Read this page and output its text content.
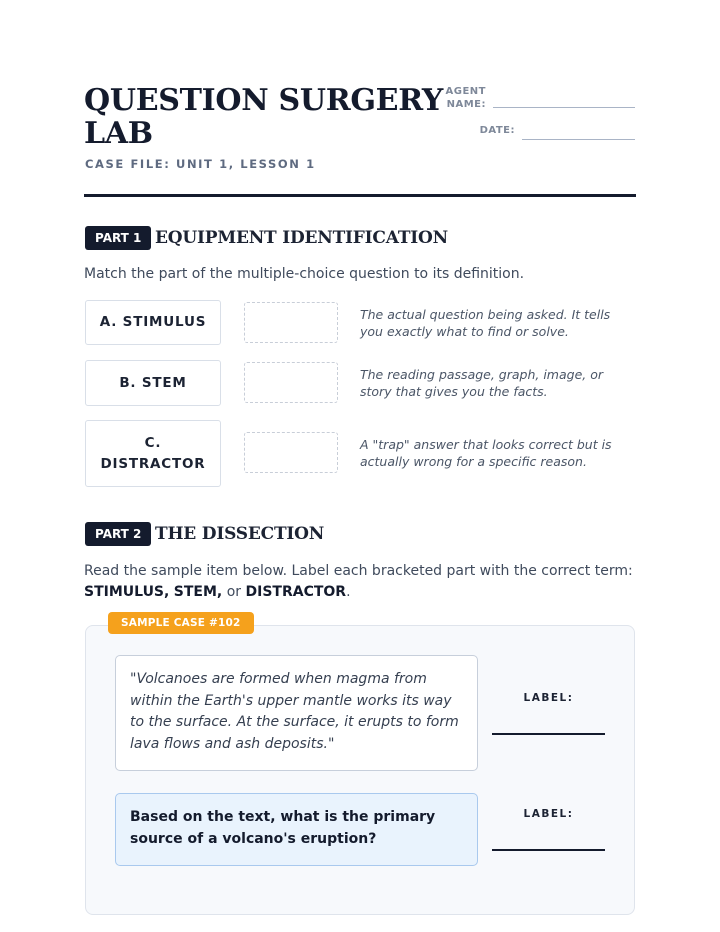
QUESTION SURGERY LAB
CASE FILE: UNIT 1, LESSON 1
AGENT
NAME:
DATE:
PART 1 EQUIPMENT IDENTIFICATION
Match the part of the multiple-choice question to its definition.
A. STIMULUS	The actual question being asked. It tells you exactly what to find or solve.
B. STEM	The reading passage, graph, image, or story that gives you the facts.
C.
DISTRACTOR
A "trap" answer that looks correct but is actually wrong for a specific reason.
PART 2 THE DISSECTION
Read the sample item below. Label each bracketed part with the correct term:
STIMULUS, STEM, or DISTRACTOR.
SAMPLE CASE #102
"Volcanoes are formed when magma from within the Earth's upper mantle works its way to the surface. At the surface, it erupts to form lava flows and ash deposits."
LABEL:
Based on the text, what is the primary source of a volcano's eruption?
LABEL:
